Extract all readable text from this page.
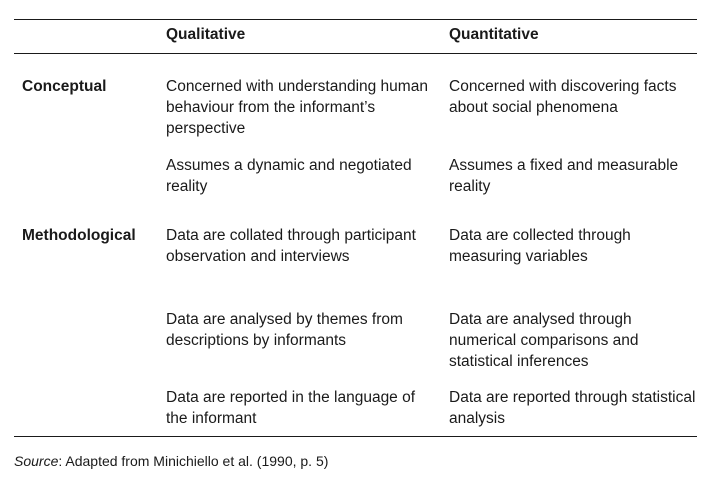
Qualitative	Quantitative
Conceptual	Concerned with understanding human behaviour from the informant’s perspective
Concerned with discovering facts about social phenomena
Assumes a dynamic and negotiated reality
Assumes a fixed and measurable reality
Methodological Data are collated through participant observation and interviews
Data are collected through measuring variables
Data are analysed by themes from descriptions by informants
Data are analysed through numerical comparisons and statistical inferences
Data are reported in the language of the informant
Data are reported through statistical analysis
Source: Adapted from Minichiello et al. (1990, p. 5)
